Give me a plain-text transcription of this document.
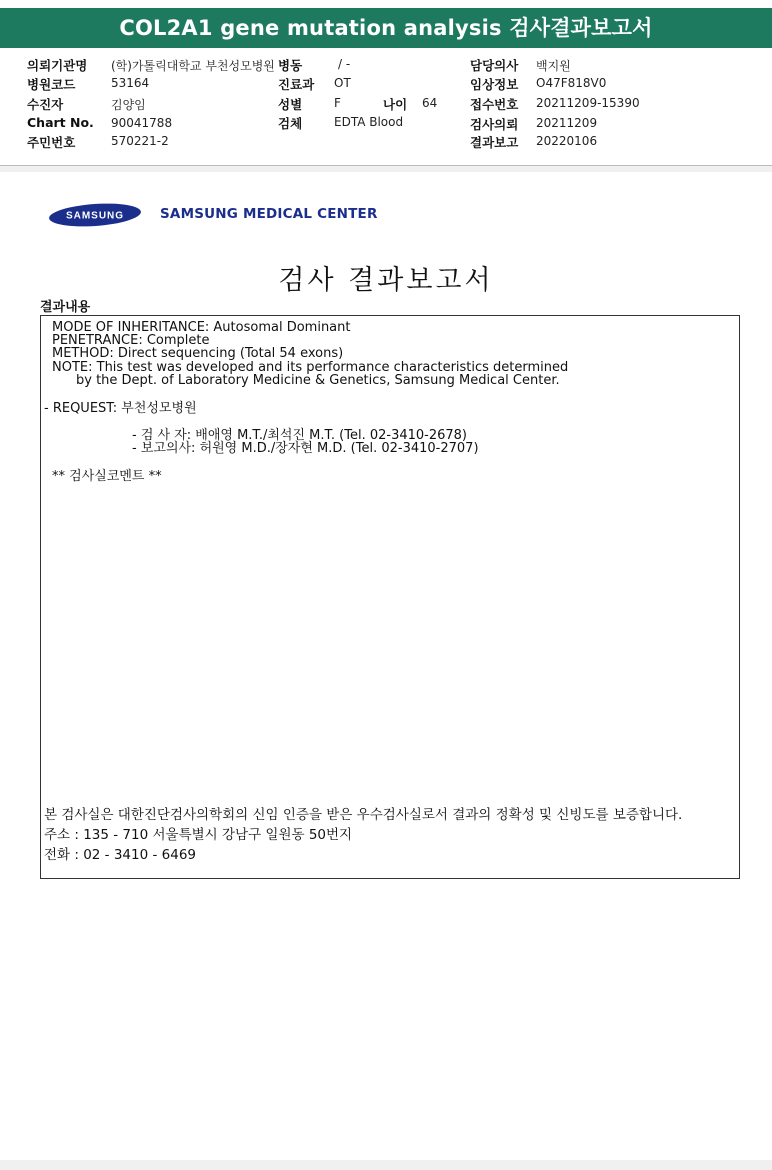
COL2A1 gene mutation analysis 검사결과보고서
의뢰기관명 (학)가톨릭대학교 부천성모병원 병동	/ -	담당의사 백지원
병원코드	53164	진료과 OT	임상정보 O47F818V0
수진자	김양임	성별	F	나이 64	접수번호 20211209-15390
Chart No. 90041788	검체	EDTA Blood	검사의뢰 20211209
주민번호	570221-2	결과보고 20220106
SAMSUNG	SAMSUNG MEDICAL CENTER
검사 결과보고서
결과내용
MODE OF INHERITANCE: Autosomal Dominant
PENETRANCE: Complete
METHOD: Direct sequencing (Total 54 exons)
NOTE: This test was developed and its performance characteristics determined
by the Dept. of Laboratory Medicine & Genetics, Samsung Medical Center.
- REQUEST: 부천성모병원
- 검 사 자: 배애영 M.T./최석진 M.T. (Tel. 02-3410-2678)
- 보고의사: 허원영 M.D./장자현 M.D. (Tel. 02-3410-2707)
** 검사실코멘트 **
본 검사실은 대한진단검사의학회의 신임 인증을 받은 우수검사실로서 결과의 정확성 및 신빙도를 보증합니다.
주소 : 135 - 710 서울특별시 강남구 일원동 50번지
전화 : 02 - 3410 - 6469
